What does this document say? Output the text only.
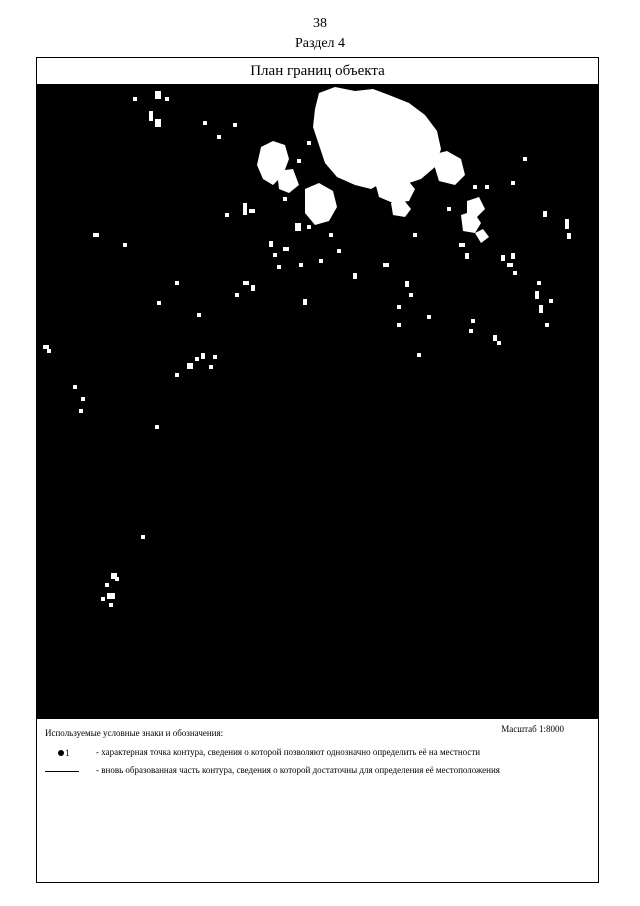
38
Раздел 4
План границ объекта
Используемые условные знаки и обозначения:	Масштаб 1:8000
1	- характерная точка контура, сведения о которой позволяют однозначно определить её на местности
- вновь образованная часть контура, сведения о которой достаточны для определения её местоположения
